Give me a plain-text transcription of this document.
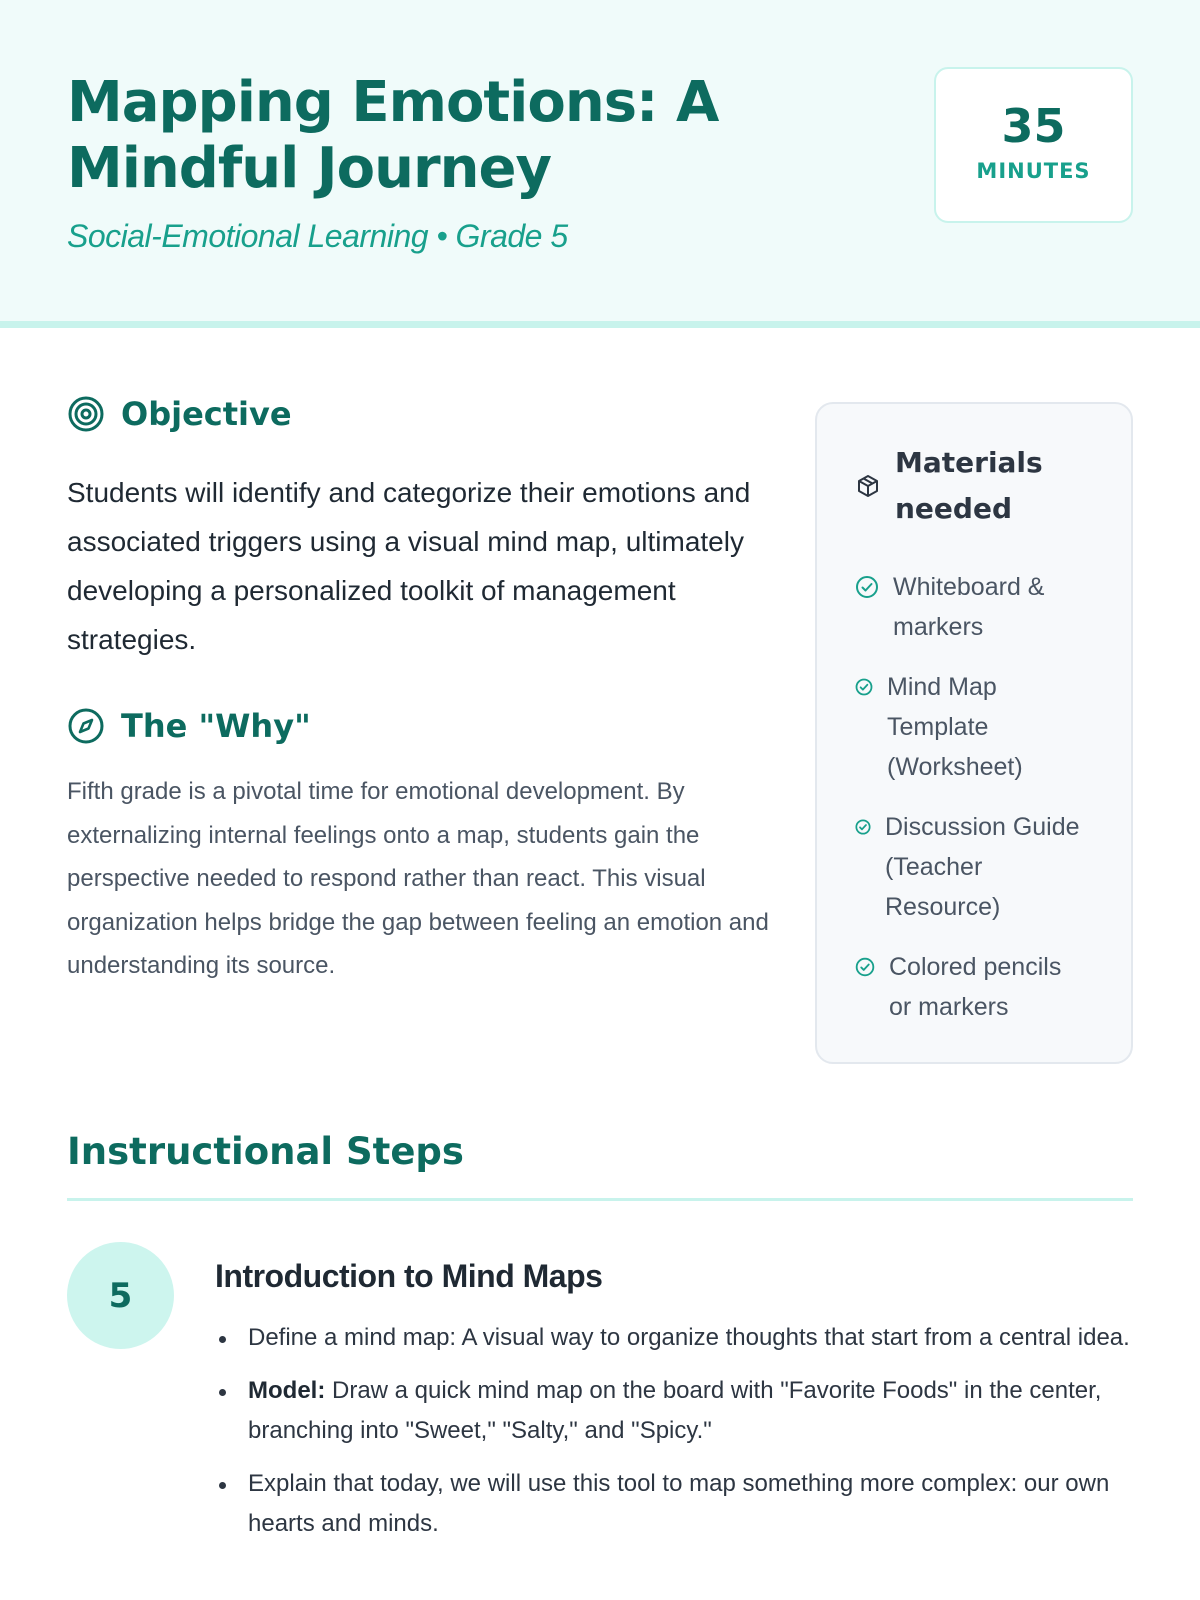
Mapping Emotions: A Mindful Journey
Social-Emotional Learning • Grade 5
35
MINUTES
Objective

Students will identify and categorize their emotions and associated triggers using a visual mind map, ultimately developing a personalized toolkit of management strategies.

The "Why"

Fifth grade is a pivotal time for emotional development. By externalizing internal feelings onto a map, students gain the perspective needed to respond rather than react. This visual organization helps bridge the gap between feeling an emotion and understanding its source.

Materials needed
Whiteboard & markers
Mind Map Template (Worksheet)
Discussion Guide (Teacher Resource)
Colored pencils or markers
Instructional Steps
5	Introduction to Mind Maps
Define a mind map: A visual way to organize thoughts that start from a central idea.
Model: Draw a quick mind map on the board with "Favorite Foods" in the center, branching into "Sweet," "Salty," and "Spicy."
Explain that today, we will use this tool to map something more complex: our own hearts and minds.
